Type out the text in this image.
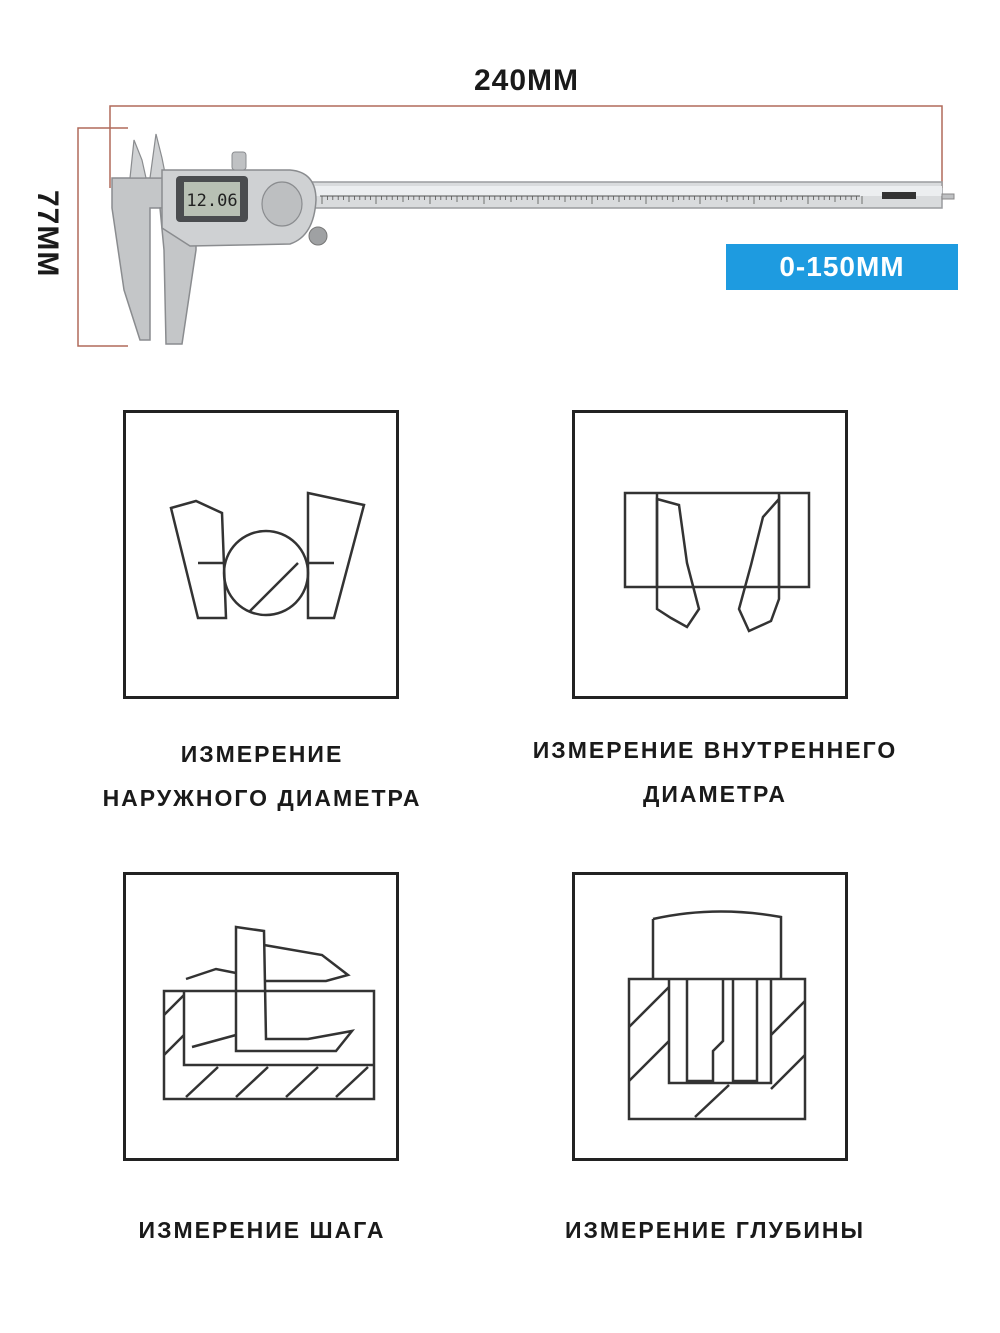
240MM
77MM	12.06
0-150MM
ИЗМЕРЕНИЕ
НАРУЖНОГО ДИАМЕТРА
ИЗМЕРЕНИЕ ВНУТРЕННЕГО
ДИАМЕТРА
ИЗМЕРЕНИЕ ШАГА	ИЗМЕРЕНИЕ ГЛУБИНЫ
